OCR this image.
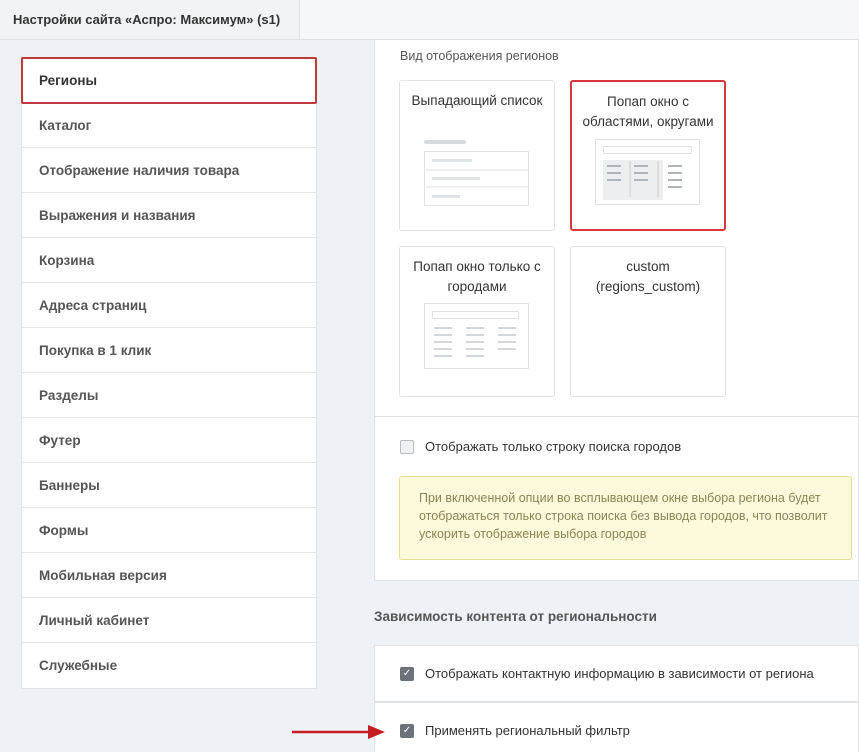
Настройки сайта «Аспро: Максимум» (s1)
Регионы
Каталог
Отображение наличия товара
Выражения и названия
Корзина
Адреса страниц
Покупка в 1 клик
Разделы
Футер
Баннеры
Формы
Мобильная версия
Личный кабинет
Служебные
Вид отображения регионов
Выпадающий список	Попап окно с областями, округами
Попап окно только с городами
custom (regions_custom)
Отображать только строку поиска городов
При включенной опции во всплывающем окне выбора региона будет отображаться только строка поиска без вывода городов, что позволит ускорить отображение выбора городов
Зависимость контента от региональности
✓ Отображать контактную информацию в зависимости от региона
✓ Применять региональный фильтр
